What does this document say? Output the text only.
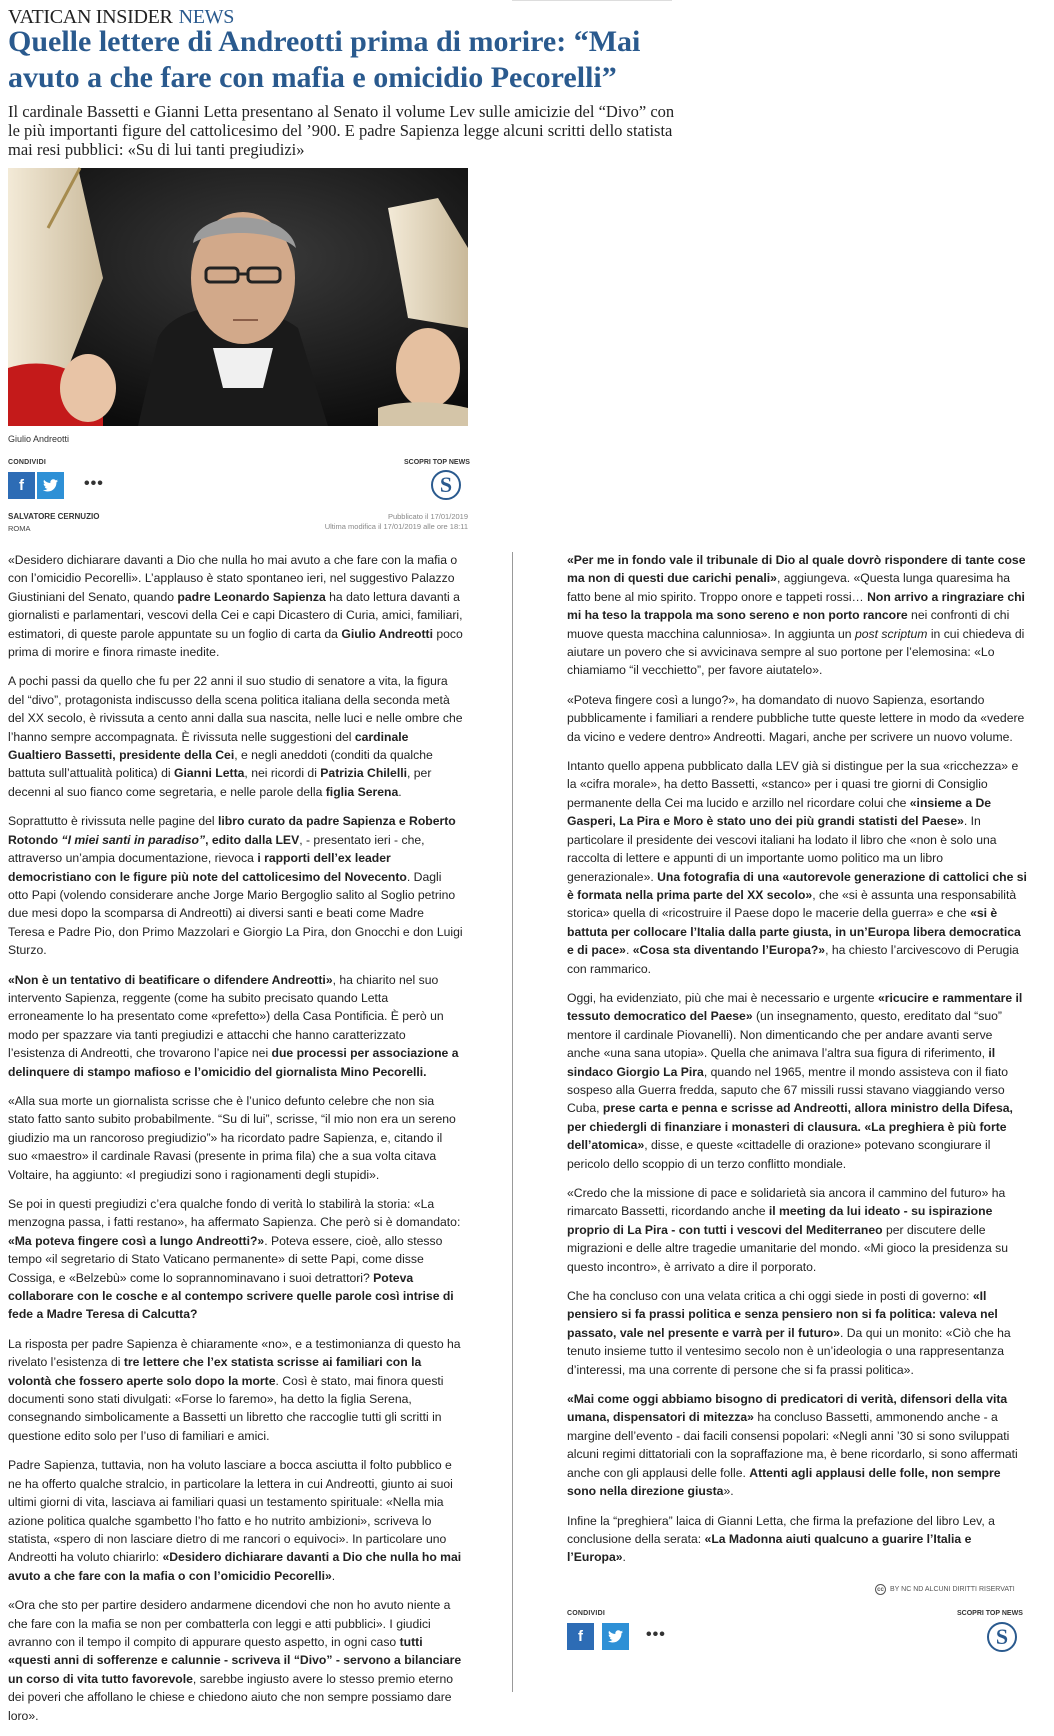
VATICAN INSIDER NEWS
Quelle lettere di Andreotti prima di morire: “Mai avuto a che fare con mafia e omicidio Pecorelli”
Il cardinale Bassetti e Gianni Letta presentano al Senato il volume Lev sulle amicizie del “Divo” con le più importanti figure del cattolicesimo del ’900. E padre Sapienza legge alcuni scritti dello statista mai resi pubblici: «Su di lui tanti pregiudizi»
Giulio Andreotti
CONDIVIDI
f	•••
SCOPRI TOP NEWS
S
SALVATORE CERNUZIO
ROMA
Pubblicato il 17/01/2019
Ultima modifica il 17/01/2019 alle ore 18:11

«Desidero dichiarare davanti a Dio che nulla ho mai avuto a che fare con la mafia o con l’omicidio Pecorelli». L’applauso è stato spontaneo ieri, nel suggestivo Palazzo Giustiniani del Senato, quando padre Leonardo Sapienza ha dato lettura davanti a giornalisti e parlamentari, vescovi della Cei e capi Dicastero di Curia, amici, familiari, estimatori, di queste parole appuntate su un foglio di carta da Giulio Andreotti poco prima di morire e finora rimaste inedite.

A pochi passi da quello che fu per 22 anni il suo studio di senatore a vita, la figura del “divo”, protagonista indiscusso della scena politica italiana della seconda metà del XX secolo, è rivissuta a cento anni dalla sua nascita, nelle luci e nelle ombre che l’hanno sempre accompagnata. È rivissuta nelle suggestioni del cardinale Gualtiero Bassetti, presidente della Cei, e negli aneddoti (conditi da qualche battuta sull’attualità politica) di Gianni Letta, nei ricordi di Patrizia Chilelli, per decenni al suo fianco come segretaria, e nelle parole della figlia Serena.

Soprattutto è rivissuta nelle pagine del libro curato da padre Sapienza e Roberto Rotondo “I miei santi in paradiso”, edito dalla LEV, - presentato ieri - che, attraverso un’ampia documentazione, rievoca i rapporti dell’ex leader democristiano con le figure più note del cattolicesimo del Novecento. Dagli otto Papi (volendo considerare anche Jorge Mario Bergoglio salito al Soglio petrino due mesi dopo la scomparsa di Andreotti) ai diversi santi e beati come Madre Teresa e Padre Pio, don Primo Mazzolari e Giorgio La Pira, don Gnocchi e don Luigi Sturzo.

«Non è un tentativo di beatificare o difendere Andreotti», ha chiarito nel suo intervento Sapienza, reggente (come ha subito precisato quando Letta erroneamente lo ha presentato come «prefetto») della Casa Pontificia. È però un modo per spazzare via tanti pregiudizi e attacchi che hanno caratterizzato l’esistenza di Andreotti, che trovarono l’apice nei due processi per associazione a delinquere di stampo mafioso e l’omicidio del giornalista Mino Pecorelli.

«Alla sua morte un giornalista scrisse che è l’unico defunto celebre che non sia stato fatto santo subito probabilmente. “Su di lui”, scrisse, “il mio non era un sereno giudizio ma un rancoroso pregiudizio”» ha ricordato padre Sapienza, e, citando il suo «maestro» il cardinale Ravasi (presente in prima fila) che a sua volta citava Voltaire, ha aggiunto: «I pregiudizi sono i ragionamenti degli stupidi».

Se poi in questi pregiudizi c’era qualche fondo di verità lo stabilirà la storia: «La menzogna passa, i fatti restano», ha affermato Sapienza. Che però si è domandato: «Ma poteva fingere così a lungo Andreotti?». Poteva essere, cioè, allo stesso tempo «il segretario di Stato Vaticano permanente» di sette Papi, come disse Cossiga, e «Belzebù» come lo soprannominavano i suoi detrattori? Poteva collaborare con le cosche e al contempo scrivere quelle parole così intrise di fede a Madre Teresa di Calcutta?

La risposta per padre Sapienza è chiaramente «no», e a testimonianza di questo ha rivelato l’esistenza di tre lettere che l’ex statista scrisse ai familiari con la volontà che fossero aperte solo dopo la morte. Così è stato, mai finora questi documenti sono stati divulgati: «Forse lo faremo», ha detto la figlia Serena, consegnando simbolicamente a Bassetti un libretto che raccoglie tutti gli scritti in questione edito solo per l’uso di familiari e amici.

Padre Sapienza, tuttavia, non ha voluto lasciare a bocca asciutta il folto pubblico e ne ha offerto qualche stralcio, in particolare la lettera in cui Andreotti, giunto ai suoi ultimi giorni di vita, lasciava ai familiari quasi un testamento spirituale: «Nella mia azione politica qualche sgambetto l’ho fatto e ho nutrito ambizioni», scriveva lo statista, «spero di non lasciare dietro di me rancori o equivoci». In particolare uno Andreotti ha voluto chiarirlo: «Desidero dichiarare davanti a Dio che nulla ho mai avuto a che fare con la mafia o con l’omicidio Pecorelli».

«Ora che sto per partire desidero andarmene dicendovi che non ho avuto niente a che fare con la mafia se non per combatterla con leggi e atti pubblici». I giudici avranno con il tempo il compito di appurare questo aspetto, in ogni caso tutti «questi anni di sofferenze e calunnie - scriveva il “Divo” - servono a bilanciare un corso di vita tutto favorevole, sarebbe ingiusto avere lo stesso premio eterno dei poveri che affollano le chiese e chiedono aiuto che non sempre possiamo dare loro».

«Per me in fondo vale il tribunale di Dio al quale dovrò rispondere di tante cose ma non di questi due carichi penali», aggiungeva. «Questa lunga quaresima ha fatto bene al mio spirito. Troppo onore e tappeti rossi… Non arrivo a ringraziare chi mi ha teso la trappola ma sono sereno e non porto rancore nei confronti di chi muove questa macchina calunniosa». In aggiunta un post scriptum in cui chiedeva di aiutare un povero che si avvicinava sempre al suo portone per l’elemosina: «Lo chiamiamo “il vecchietto”, per favore aiutatelo».

«Poteva fingere così a lungo?», ha domandato di nuovo Sapienza, esortando pubblicamente i familiari a rendere pubbliche tutte queste lettere in modo da «vedere da vicino e vedere dentro» Andreotti. Magari, anche per scrivere un nuovo volume.

Intanto quello appena pubblicato dalla LEV già si distingue per la sua «ricchezza» e la «cifra morale», ha detto Bassetti, «stanco» per i quasi tre giorni di Consiglio permanente della Cei ma lucido e arzillo nel ricordare colui che «insieme a De Gasperi, La Pira e Moro è stato uno dei più grandi statisti del Paese». In particolare il presidente dei vescovi italiani ha lodato il libro che «non è solo una raccolta di lettere e appunti di un importante uomo politico ma un libro generazionale». Una fotografia di una «autorevole generazione di cattolici che si è formata nella prima parte del XX secolo», che «si è assunta una responsabilità storica» quella di «ricostruire il Paese dopo le macerie della guerra» e che «si è battuta per collocare l’Italia dalla parte giusta, in un’Europa libera democratica e di pace». «Cosa sta diventando l’Europa?», ha chiesto l’arcivescovo di Perugia con rammarico.

Oggi, ha evidenziato, più che mai è necessario e urgente «ricucire e rammentare il tessuto democratico del Paese» (un insegnamento, questo, ereditato dal “suo” mentore il cardinale Piovanelli). Non dimenticando che per andare avanti serve anche «una sana utopia». Quella che animava l’altra sua figura di riferimento, il sindaco Giorgio La Pira, quando nel 1965, mentre il mondo assisteva con il fiato sospeso alla Guerra fredda, saputo che 67 missili russi stavano viaggiando verso Cuba, prese carta e penna e scrisse ad Andreotti, allora ministro della Difesa, per chiedergli di finanziare i monasteri di clausura. «La preghiera è più forte dell’atomica», disse, e queste «cittadelle di orazione» potevano scongiurare il pericolo dello scoppio di un terzo conflitto mondiale.

«Credo che la missione di pace e solidarietà sia ancora il cammino del futuro» ha rimarcato Bassetti, ricordando anche il meeting da lui ideato - su ispirazione proprio di La Pira - con tutti i vescovi del Mediterraneo per discutere delle migrazioni e delle altre tragedie umanitarie del mondo. «Mi gioco la presidenza su questo incontro», è arrivato a dire il porporato.

Che ha concluso con una velata critica a chi oggi siede in posti di governo: «Il pensiero si fa prassi politica e senza pensiero non si fa politica: valeva nel passato, vale nel presente e varrà per il futuro». Da qui un monito: «Ciò che ha tenuto insieme tutto il ventesimo secolo non è un’ideologia o una rappresentanza d’interessi, ma una corrente di persone che si fa prassi politica».

«Mai come oggi abbiamo bisogno di predicatori di verità, difensori della vita umana, dispensatori di mitezza» ha concluso Bassetti, ammonendo anche - a margine dell’evento - dai facili consensi popolari: «Negli anni ’30 si sono sviluppati alcuni regimi dittatoriali con la sopraffazione ma, è bene ricordarlo, si sono affermati anche con gli applausi delle folle. Attenti agli applausi delle folle, non sempre sono nella direzione giusta».

Infine la “preghiera” laica di Gianni Letta, che firma la prefazione del libro Lev, a conclusione della serata: «La Madonna aiuti qualcuno a guarire l’Italia e l’Europa».

cc BY NC ND ALCUNI DIRITTI RISERVATI
CONDIVIDI
f	•••
SCOPRI TOP NEWS
S
